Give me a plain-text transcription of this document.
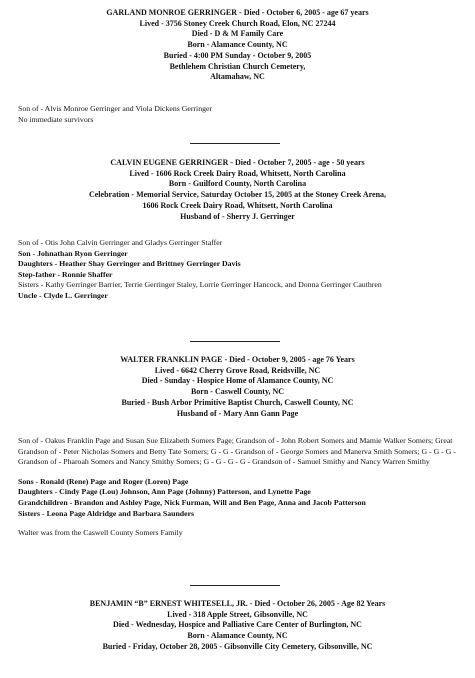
GARLAND MONROE GERRINGER - Died - October 6, 2005 - age 67 years
Lived - 3756 Stoney Creek Church Road, Elon, NC 27244
Died - D & M Family Care
Born - Alamance County, NC
Buried - 4:00 PM Sunday - October 9, 2005
Bethlehem Christian Church Cemetery,
Altamahaw, NC
Son of - Alvis Monroe Gerringer and Viola Dickens Gerringer
No immediate survivors
CALVIN EUGENE GERRINGER - Died - October 7, 2005 - age - 50 years
Lived - 1606 Rock Creek Dairy Road, Whitsett, North Carolina
Born - Guilford County, North Carolina
Celebration - Memorial Service, Saturday October 15, 2005 at the Stoney Creek Arena,
1606 Rock Creek Dairy Road, Whitsett, North Carolina
Husband of - Sherry J. Gerringer
Son of - Otis John Calvin Gerringer and Gladys Gerringer Staffer
Son - Johnathan Ryon Gerringer
Daughters - Heather Shay Gerringer and Brittney Gerringer Davis
Step-father - Ronnie Shaffer
Sisters - Kathy Gerringer Barrier, Terrie Gerringer Staley, Lorrie Gerringer Hancock, and Donna Gerringer Cauthren
Uncle - Clyde L. Gerringer
WALTER FRANKLIN PAGE - Died - October 9, 2005 - age 76 Years
Lived - 6642 Cherry Grove Road, Reidsville, NC
Died - Sunday - Hospice Home of Alamance County, NC
Born - Caswell County, NC
Buried - Bush Arbor Primitive Baptist Church, Caswell County, NC
Husband of - Mary Ann Gann Page
Son of - Oakus Franklin Page and Susan Sue Elizabeth Somers Page; Grandson of - John Robert Somers and Mamie Walker Somers; Great Grandson of - Peter Nicholas Somers and Betty Tate Somers; G - G - Grandson of - George Somers and Manerva Smith Somers; G - G - G - Grandson of - Pharoah Somers and Nancy Smithy Somers; G - G - G - G - Grandson of - Samuel Smithy and Nancy Warren Smithy
Sons - Ronald (Rene) Page and Roger (Loren) Page
Daughters - Cindy Page (Lou) Johnson, Ann Page (Johnny) Patterson, and Lynette Page
Grandchildren - Brandon and Ashley Page, Nick Furman, Will and Ben Page, Anna and Jacob Patterson
Sisters - Leona Page Aldridge and Barbara Saunders
Walter was from the Caswell County Somers Family
BENJAMIN “B” ERNEST WHITESELL, JR. - Died - October 26, 2005 - Age 82 Years
Lived - 318 Apple Street, Gibsonville, NC
Died - Wednesday, Hospice and Palliative Care Center of Burlington, NC
Born - Alamance County, NC
Buried - Friday, October 28, 2005 - Gibsonville City Cemetery, Gibsonville, NC
